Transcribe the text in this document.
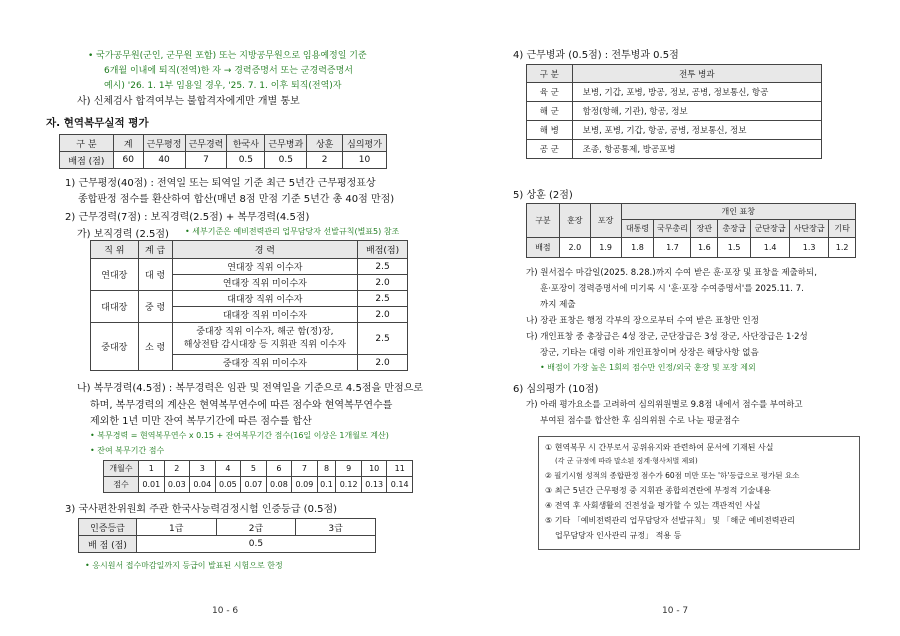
• 국가공무원(군인, 군무원 포함) 또는 지방공무원으로 임용예정일 기준
6개월 이내에 퇴직(전역)한 자 → 경력증명서 또는 군경력증명서
예시) '26. 1. 1부 임용일 경우, '25. 7. 1. 이후 퇴직(전역)자
사) 신체검사 합격여부는 불합격자에게만 개별 통보
자. 현역복무실적 평가
구 분	계	근무평정	근무경력	한국사	근무병과	상훈	심의평가
배점 (점)	60	40	7	0.5	0.5	2	10
1) 근무평정(40점) : 전역일 또는 퇴역일 기준 최근 5년간 근무평정표상
종합판정 점수를 환산하여 합산(매년 8점 만점 기준 5년간 총 40점 만점)
2) 근무경력(7점) : 보직경력(2.5점) + 복무경력(4.5점)
가) 보직경력 (2.5점) • 세부기준은 예비전력관리 업무담당자 선발규칙(별표5) 참조
직 위	계 급	경 력	배점(점)
연대장	대 령	연대장 직위 이수자	2.5
		연대장 직위 미이수자	2.0
대대장	중 령	대대장 직위 이수자	2.5
		대대장 직위 미이수자	2.0
중대장	소 령	중대장 직위 이수자, 해군 함(정)장,
해상전탐 감시대장 등 지휘관 직위 이수자	2.5
		중대장 직위 미이수자	2.0
나) 복무경력(4.5점) : 복무경력은 임관 및 전역일을 기준으로 4.5점을 만점으로
하며, 복무경력의 계산은 현역복무연수에 따른 점수와 현역복무연수를
제외한 1년 미만 잔여 복무기간에 따른 점수를 합산
• 복무경력 = 현역복무연수 x 0.15 + 잔여복무기간 점수(16일 이상은 1개월로 계산)
• 잔여 복무기간 점수
개월수	1	2	3	4	5	6	7	8	9	10	11
점수	0.01	0.03	0.04	0.05	0.07	0.08	0.09	0.1	0.12	0.13	0.14
3) 국사편찬위원회 주관 한국사능력검정시험 인증등급 (0.5점)
인증등급	1급	2급	3급
배 점 (점)	0.5		
• 응시원서 접수마감일까지 등급이 발표된 시험으로 한정
10 - 6
4) 근무병과 (0.5점) : 전투병과 0.5점
구 분	전투 병과
육 군	보병, 기갑, 포병, 방공, 정보, 공병, 정보통신, 항공
해 군	함정(항해, 기관), 항공, 정보
해 병	보병, 포병, 기갑, 항공, 공병, 정보통신, 정보
공 군	조종, 항공통제, 방공포병
5) 상훈 (2점)
구분	훈장	포장	개인 표창						
			대통령	국무총리	장관	총장급	군단장급	사단장급	기타
배점	2.0	1.9	1.8	1.7	1.6	1.5	1.4	1.3	1.2
가) 원서접수 마감일(2025. 8.28.)까지 수여 받은 훈‧포장 및 표창을 제출하되,
훈‧포장이 경력증명서에 미기록 시 '훈‧포장 수여증명서'를 2025.11. 7.
까지 제출
나) 장관 표창은 행정 각부의 장으로부터 수여 받은 표창만 인정
다) 개인표창 중 총장급은 4성 장군, 군단장급은 3성 장군, 사단장급은 1‧2성
장군, 기타는 대령 이하 개인표창이며 상장은 해당사항 없음
• 배점이 가장 높은 1회의 점수만 인정/외국 훈장 및 포장 제외
6) 심의평가 (10점)
가) 아래 평가요소를 고려하여 심의위원별로 9.8점 내에서 점수를 부여하고
부여된 점수를 합산한 후 심의위원 수로 나눈 평균점수
① 현역복무 시 간부로서 공위유지와 관련하여 문서에 기재된 사실
(각 군 규정에 따라 말소된 징계‧형사처벌 제외)
② 필기시험 성적의 종합판정 점수가 60점 미만 또는 '하'등급으로 평가된 요소
③ 최근 5년간 근무평정 중 지휘관 종합의견란에 부정적 기술내용
④ 전역 후 사회생활의 건전성을 평가할 수 있는 객관적인 사실
⑤ 기타 「예비전력관리 업무담당자 선발규칙」 및 「해군 예비전력관리
업무담당자 인사관리 규정」 적용 등
10 - 7
